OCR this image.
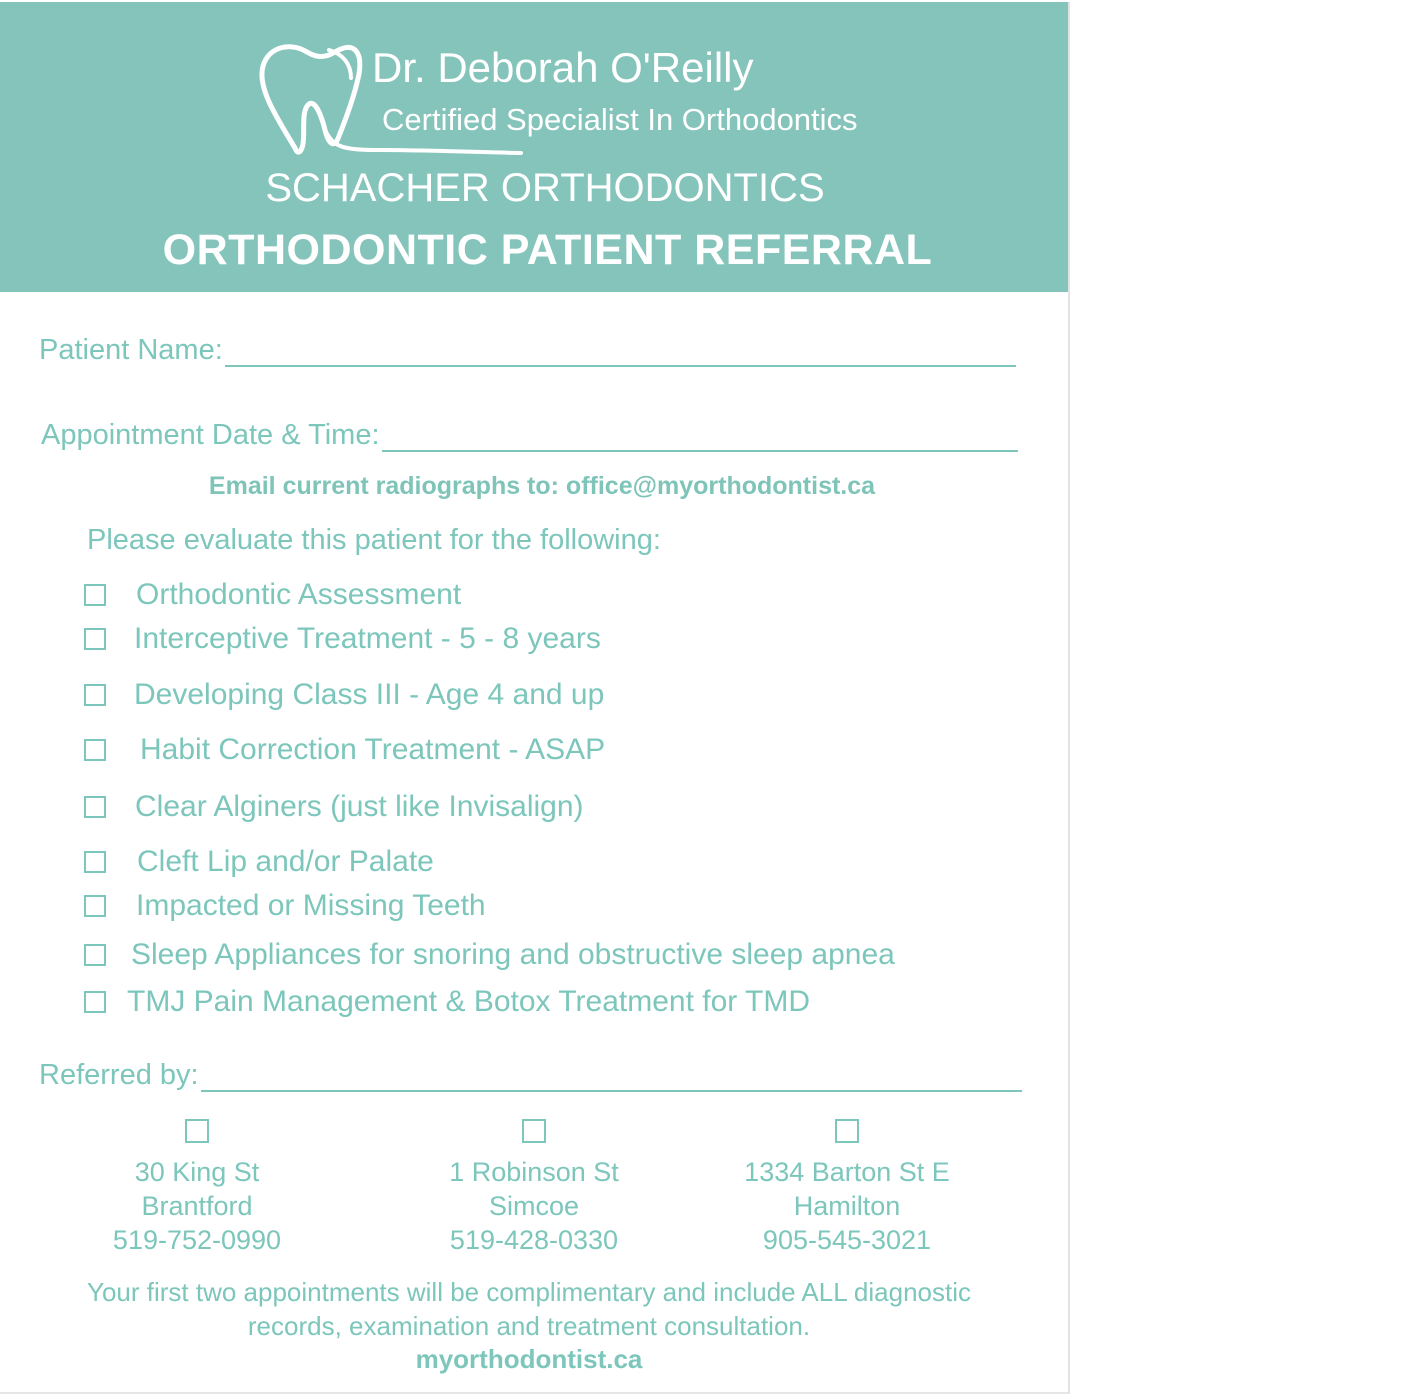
Dr. Deborah O'Reilly
Certified Specialist In Orthodontics
SCHACHER ORTHODONTICS
ORTHODONTIC PATIENT REFERRAL
Patient Name:
Appointment Date & Time:
Email current radiographs to: office@myorthodontist.ca
Please evaluate this patient for the following:
Orthodontic Assessment
Interceptive Treatment - 5 - 8 years
Developing Class III - Age 4 and up
Habit Correction Treatment - ASAP
Clear Alginers (just like Invisalign)
Cleft Lip and/or Palate
Impacted or Missing Teeth
Sleep Appliances for snoring and obstructive sleep apnea
TMJ Pain Management & Botox Treatment for TMD
Referred by:
30 King St
Brantford
519-752-0990
1 Robinson St
Simcoe
519-428-0330
1334 Barton St E
Hamilton
905-545-3021
Your first two appointments will be complimentary and include ALL diagnostic
records, examination and treatment consultation.
myorthodontist.ca
